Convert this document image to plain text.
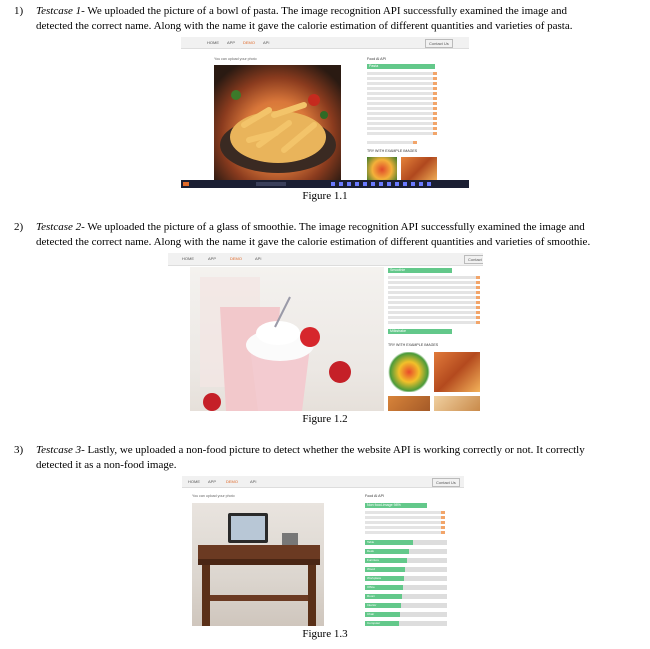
1) Testcase 1- We uploaded the picture of a bowl of pasta. The image recognition API successfully examined the image and
detected the correct name. Along with the name it gave the calorie estimation of different quantities and varieties of pasta.
HOME APP DEMO API	Contact Us
You can upload your photo	Food AI API
Pasta
TRY WITH EXAMPLE IMAGES
Figure 1.1
2) Testcase 2- We uploaded the picture of a glass of smoothie. The image recognition API successfully examined the image and
detected the correct name. Along with the name it gave the calorie estimation of different quantities and varieties of smoothie.
HOME	APP	DEMO	API	Contact
Smoothie
Milkshake
TRY WITH EXAMPLE IMAGES
Figure 1.2
3) Testcase 3- Lastly, we uploaded a non-food picture to detect whether the website API is working correctly or not. It correctly
detected it as a non-food image.
HOME APP DEMO	API	Contact Us
You can upload your photo	Food AI API
Non food-image 98%
Table
Desk
Furniture
Wood
Workplace
Office
Room
Interior
Chair
Computer
Figure 1.3
